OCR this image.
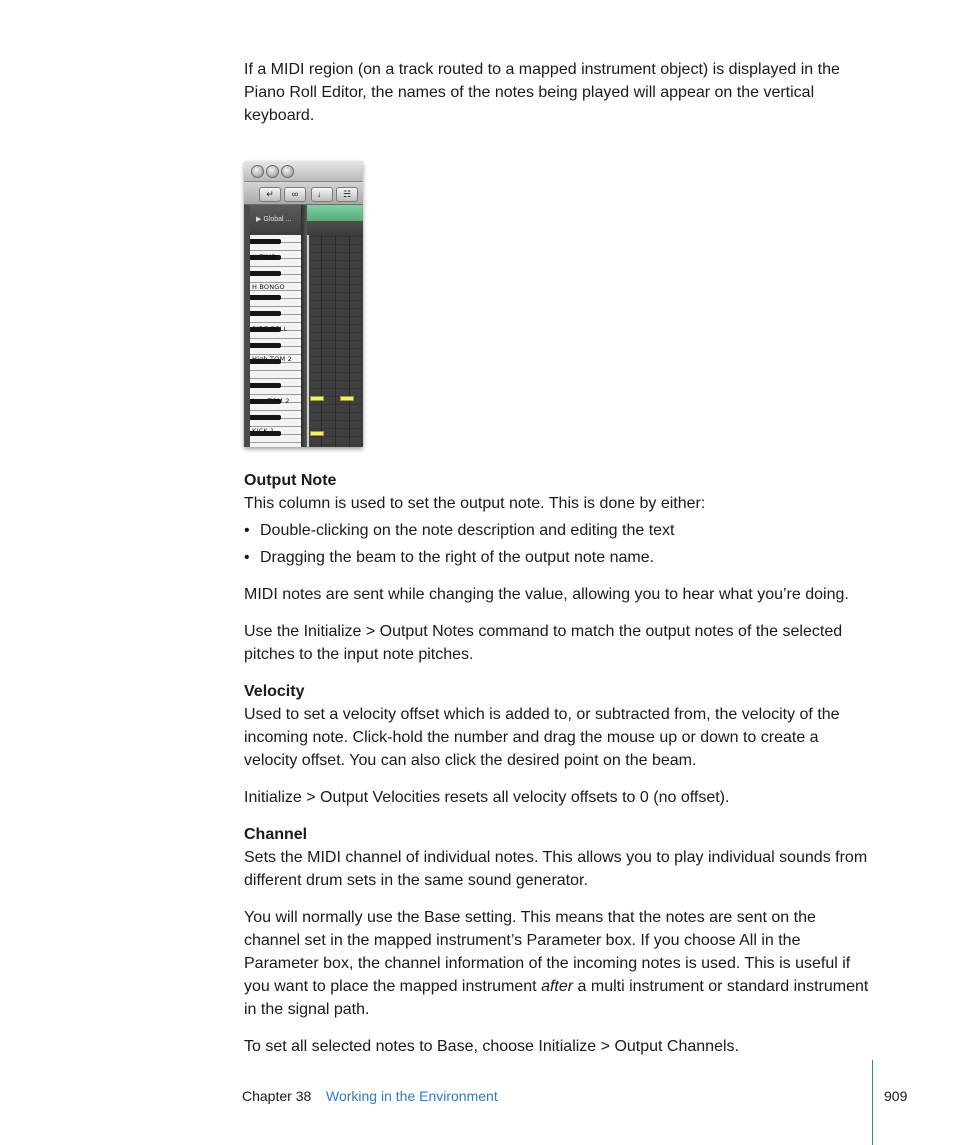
If a MIDI region (on a track routed to a mapped instrument object) is displayed in the Piano Roll Editor, the names of the notes being played will appear on the vertical keyboard.

↵	∞	♩	☵
▶ Global ...
H TIMB
H BONGO
RIDE BELL
High TOM 2
Low TOM 2
KICK 1
Output Note

This column is used to set the output note. This is done by either:

• Double-clicking on the note description and editing the text
• Dragging the beam to the right of the output note name.

MIDI notes are sent while changing the value, allowing you to hear what you’re doing.

Use the Initialize > Output Notes command to match the output notes of the selected pitches to the input note pitches.

Velocity

Used to set a velocity offset which is added to, or subtracted from, the velocity of the incoming note. Click-hold the number and drag the mouse up or down to create a velocity offset. You can also click the desired point on the beam.

Initialize > Output Velocities resets all velocity offsets to 0 (no offset).

Channel

Sets the MIDI channel of individual notes. This allows you to play individual sounds from different drum sets in the same sound generator.

You will normally use the Base setting. This means that the notes are sent on the channel set in the mapped instrument’s Parameter box. If you choose All in the Parameter box, the channel information of the incoming notes is used. This is useful if you want to place the mapped instrument after a multi instrument or standard instrument in the signal path.

To set all selected notes to Base, choose Initialize > Output Channels.

Chapter 38 Working in the Environment	909
